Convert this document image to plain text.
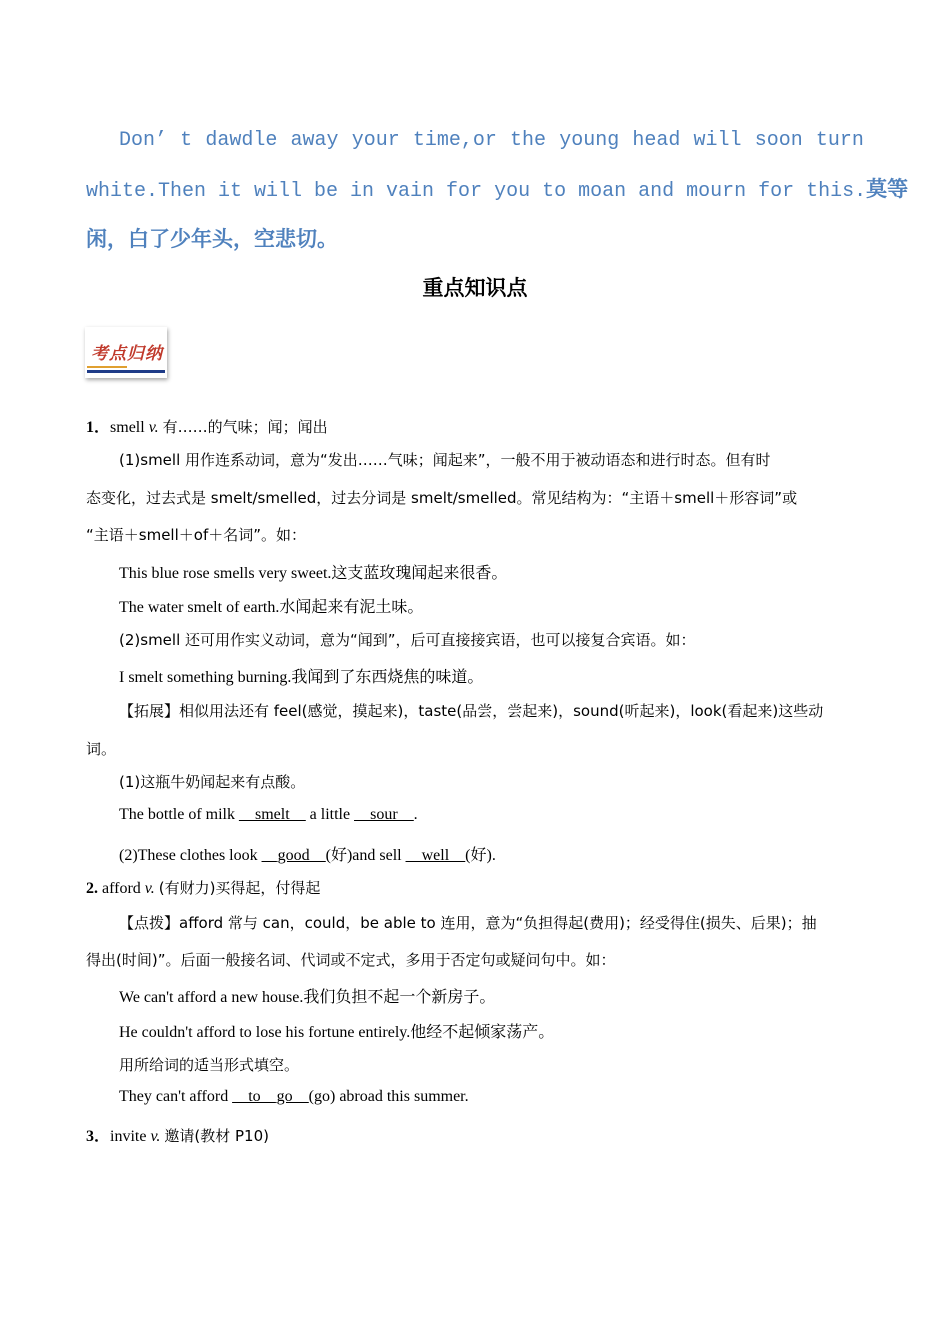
Don’ t dawdle away your time,or the young head will soon turn
white.Then it will be in vain for you to moan and mourn for this.莫等
闲，白了少年头，空悲切。
重点知识点
考点归纳
1．smell v. 有……的气味；闻；闻出
(1)smell 用作连系动词，意为“发出……气味；闻起来”，一般不用于被动语态和进行时态。但有时
态变化，过去式是 smelt/smelled，过去分词是 smelt/smelled。常见结构为：“主语＋smell＋形容词”或
“主语＋smell＋of＋名词”。如：
This blue rose smells very sweet.这支蓝玫瑰闻起来很香。
The water smelt of earth.水闻起来有泥土味。
(2)smell 还可用作实义动词，意为“闻到”，后可直接接宾语，也可以接复合宾语。如：
I smelt something burning.我闻到了东西烧焦的味道。
【拓展】相似用法还有 feel(感觉，摸起来)，taste(品尝，尝起来)，sound(听起来)，look(看起来)这些动
词。
(1)这瓶牛奶闻起来有点酸。
The bottle of milk __smelt__ a little __sour__.
(2)These clothes look __good__(好)and sell __well__(好).
2. afford v. (有财力)买得起，付得起
【点拨】afford 常与 can，could，be able to 连用，意为“负担得起(费用)；经受得住(损失、后果)；抽
得出(时间)”。后面一般接名词、代词或不定式，多用于否定句或疑问句中。如：
We can't afford a new house.我们负担不起一个新房子。
He couldn't afford to lose his fortune entirely.他经不起倾家荡产。
用所给词的适当形式填空。
They can't afford __to__go__(go) abroad this summer.
3．invite v. 邀请(教材 P10)
